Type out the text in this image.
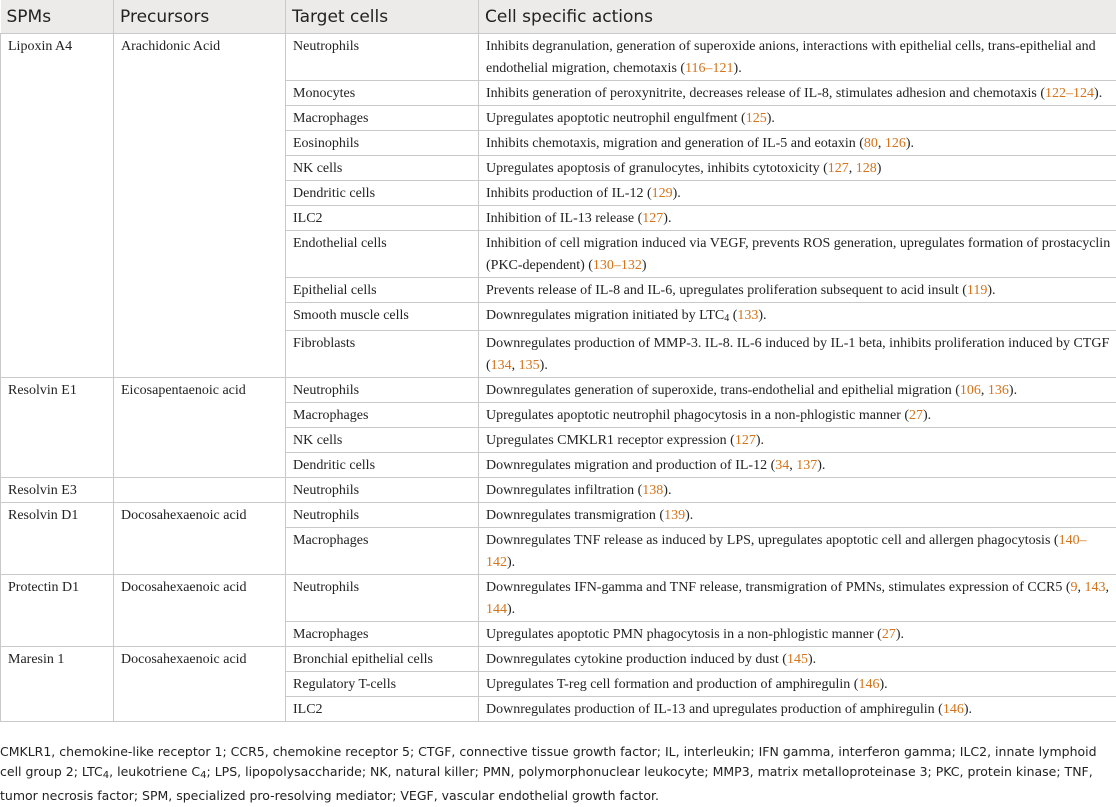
SPMs	Precursors	Target cells	Cell specific actions
Lipoxin A4	Arachidonic Acid	Neutrophils	Inhibits degranulation, generation of superoxide anions, interactions with epithelial cells, trans-epithelial and endothelial migration, chemotaxis (116–121).
		Monocytes	Inhibits generation of peroxynitrite, decreases release of IL-8, stimulates adhesion and chemotaxis (122–124).
		Macrophages	Upregulates apoptotic neutrophil engulfment (125).
		Eosinophils	Inhibits chemotaxis, migration and generation of IL-5 and eotaxin (80, 126).
		NK cells	Upregulates apoptosis of granulocytes, inhibits cytotoxicity (127, 128)
		Dendritic cells	Inhibits production of IL-12 (129).
		ILC2	Inhibition of IL-13 release (127).
		Endothelial cells	Inhibition of cell migration induced via VEGF, prevents ROS generation, upregulates formation of prostacyclin (PKC-dependent) (130–132)
		Epithelial cells	Prevents release of IL-8 and IL-6, upregulates proliferation subsequent to acid insult (119).
		Smooth muscle cells	Downregulates migration initiated by $LTC_4$ (133).
		Fibroblasts	Downregulates production of MMP-3. IL-8. IL-6 induced by IL-1 beta, inhibits proliferation induced by CTGF (134, 135).
Resolvin E1	Eicosapentaenoic acid	Neutrophils	Downregulates generation of superoxide, trans-endothelial and epithelial migration (106, 136).
		Macrophages	Upregulates apoptotic neutrophil phagocytosis in a non-phlogistic manner (27).
		NK cells	Upregulates CMKLR1 receptor expression (127).
		Dendritic cells	Downregulates migration and production of IL-12 (34, 137).
Resolvin E3		Neutrophils	Downregulates infiltration (138).
Resolvin D1	Docosahexaenoic acid	Neutrophils	Downregulates transmigration (139).
		Macrophages	Downregulates TNF release as induced by LPS, upregulates apoptotic cell and allergen phagocytosis (140–142).
Protectin D1	Docosahexaenoic acid	Neutrophils	Downregulates IFN-gamma and TNF release, transmigration of PMNs, stimulates expression of CCR5 (9, 143, 144).
		Macrophages	Upregulates apoptotic PMN phagocytosis in a non-phlogistic manner (27).
Maresin 1	Docosahexaenoic acid	Bronchial epithelial cells	Downregulates cytokine production induced by dust (145).
		Regulatory T-cells	Upregulates T-reg cell formation and production of amphiregulin (146).
		ILC2	Downregulates production of IL-13 and upregulates production of amphiregulin (146).
CMKLR1, chemokine-like receptor 1; CCR5, chemokine receptor 5; CTGF, connective tissue growth factor; IL, interleukin; IFN gamma, interferon gamma; ILC2, innate lymphoid cell group 2; $LTC_4$, leukotriene $C_4$; LPS, lipopolysaccharide; NK, natural killer; PMN, polymorphonuclear leukocyte; MMP3, matrix metalloproteinase 3; PKC, protein kinase; TNF, tumor necrosis factor; SPM, specialized pro-resolving mediator; VEGF, vascular endothelial growth factor.
